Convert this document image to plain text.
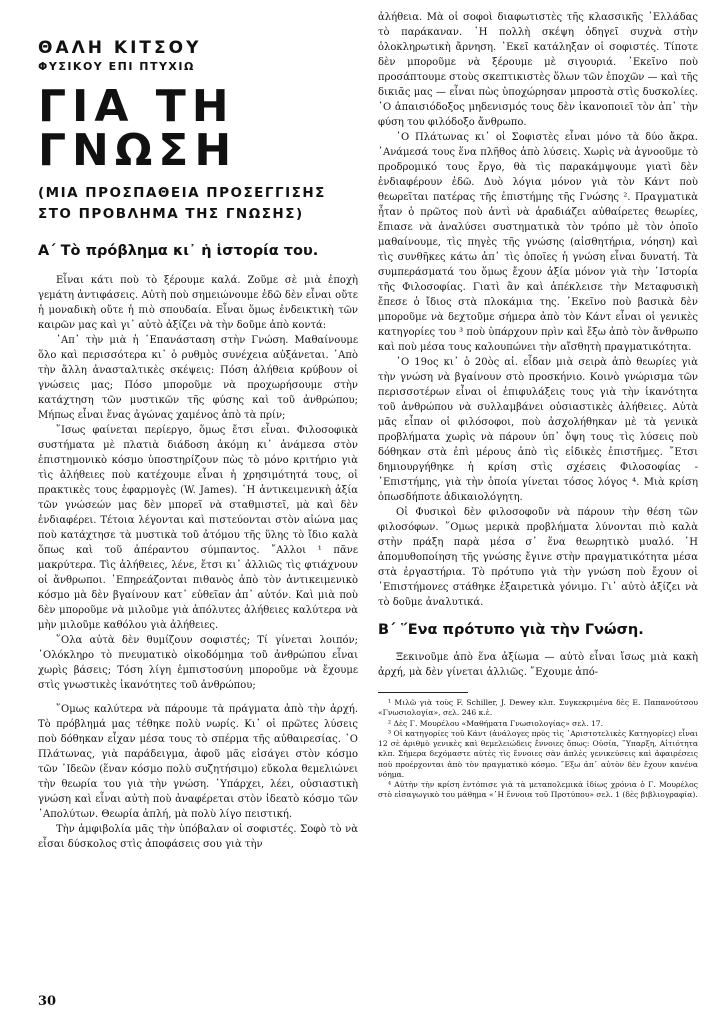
ΘΑΛΗ ΚΙΤΣΟΥ
ΦΥΣΙΚΟΥ ΕΠΙ ΠΤΥΧΙΩ
ΓΙΑ ΤΗ ΓΝΩΣΗ
(ΜΙΑ ΠΡΟΣΠΑΘΕΙΑ ΠΡΟΣΕΓΓΙΣΗΣ
ΣΤΟ ΠΡΟΒΛΗΜΑ ΤΗΣ ΓΝΩΣΗΣ)
Α΄ Τὸ πρόβλημα κι᾿ ἡ ἱστορία του.

Εἶναι κάτι ποὺ τὸ ξέρουμε καλά. Ζοῦμε σὲ μιὰ ἐποχὴ γεμάτη ἀντιφάσεις. Αὐτὴ ποὺ σημειώνουμε ἐδῶ δὲν εἶναι οὔτε ἡ μοναδικὴ οὔτε ἡ πιὸ σπουδαία. Εἶναι ὅμως ἐνδεικτικὴ τῶν καιρῶν μας καὶ γι᾿ αὐτὸ ἀξίζει νὰ τὴν δοῦμε ἀπὸ κοντά:

᾿Απ᾿ τὴν μιὰ ἡ ᾿Επανάσταση στὴν Γνώση. Μαθαίνουμε ὅλο καὶ περισσότερα κι᾿ ὁ ρυθμὸς συνέχεια αὐξάνεται. ᾿Απὸ τὴν ἄλλη ἀνασταλτικὲς σκέψεις: Πόση ἀλήθεια κρύβουν οἱ γνώσεις μας; Πόσο μποροῦμε νὰ προχωρήσουμε στὴν κατάχτηση τῶν μυστικῶν τῆς φύσης καὶ τοῦ ἀνθρώπου; Μήπως εἶναι ἕνας ἀγώνας χαμένος ἀπὸ τὰ πρίν;

῞Ισως φαίνεται περίεργο, ὅμως ἔτσι εἶναι. Φιλοσοφικὰ συστήματα μὲ πλατιὰ διάδοση ἀκόμη κι᾿ ἀνάμεσα στὸν ἐπιστημονικὸ κόσμο ὑποστηρίζουν πὼς τὸ μόνο κριτήριο γιὰ τὶς ἀλήθειες ποὺ κατέχουμε εἶναι ἡ χρησιμότητά τους, οἱ πρακτικὲς τους ἐφαρμογὲς (W. James). ῾Η ἀντικειμενικὴ ἀξία τῶν γνώσεών μας δὲν μπορεῖ νὰ σταθμιστεῖ, μὰ καὶ δὲν ἐνδιαφέρει. Τέτοια λέγονται καὶ πιστεύονται στὸν αἰώνα μας ποὺ κατάχτησε τὰ μυστικὰ τοῦ ἀτόμου τῆς ὕλης τὸ ἴδιο καλὰ ὅπως καὶ τοῦ ἀπέραντου σύμπαντος. ῎Αλλοι ¹ πᾶνε μακρύτερα. Τὶς ἀλήθειες, λένε, ἔτσι κι᾿ ἀλλιῶς τὶς φτιάχνουν οἱ ἄνθρωποι. ᾿Επηρεάζονται πιθανὸς ἀπὸ τὸν ἀντικειμενικὸ κόσμο μὰ δὲν βγαίνουν κατ᾿ εὐθεῖαν ἀπ᾿ αὐτόν. Καὶ μιὰ ποὺ δὲν μποροῦμε νὰ μιλοῦμε γιὰ ἀπόλυτες ἀλήθειες καλύτερα νὰ μὴν μιλοῦμε καθόλου γιὰ ἀλήθειες.

῞Ολα αὐτὰ δὲν θυμίζουν σοφιστές; Τί γίνεται λοιπόν; ᾿Ολόκληρο τὸ πνευματικὸ οἰκοδόμημα τοῦ ἀνθρώπου εἶναι χωρὶς βάσεις; Τόση λίγη ἐμπιστοσύνη μποροῦμε νὰ ἔχουμε στὶς γνωστικὲς ἱκανότητες τοῦ ἀνθρώπου;

῞Ομως καλύτερα νὰ πάρουμε τὰ πράγματα ἀπὸ τὴν ἀρχή. Τὸ πρόβλημά μας τέθηκε πολὺ νωρίς. Κι᾿ οἱ πρῶτες λύσεις ποὺ δόθηκαν εἶχαν μέσα τους τὸ σπέρμα τῆς αὐθαιρεσίας. ῾Ο Πλάτωνας, γιὰ παράδειγμα, ἀφοῦ μᾶς εἰσάγει στὸν κόσμο τῶν ᾿Ιδεῶν (ἕναν κόσμο πολὺ συζητήσιμο) εὔκολα θεμελιώνει τὴν θεωρία του γιὰ τὴν γνώση. ῾Υπάρχει, λέει, οὐσιαστικὴ γνώση καὶ εἶναι αὐτὴ ποὺ ἀναφέρεται στὸν ἰδεατὸ κόσμο τῶν ᾿Απολύτων. Θεωρία ἁπλή, μὰ πολὺ λίγο πειστική.

Τὴν ἀμφιβολία μᾶς τὴν ὑπόβαλαν οἱ σοφιστές. Σοφὸ τὸ νὰ εἶσαι δύσκολος στὶς ἀποφάσεις σου γιὰ τὴν

ἀλήθεια. Μὰ οἱ σοφοὶ διαφωτιστὲς τῆς κλασσικῆς ῾Ελλάδας τὸ παράκαναν. ῾Η πολλὴ σκέψη ὁδηγεῖ συχνὰ στὴν ὁλοκληρωτικὴ ἄρνηση. ᾿Εκεῖ κατάληξαν οἱ σοφιστές. Τίποτε δὲν μποροῦμε νὰ ξέρουμε μὲ σιγουριά. ᾿Εκεῖνο ποὺ προσάπτουμε στοὺς σκεπτικιστὲς ὅλων τῶν ἐποχῶν — καὶ τῆς δικιᾶς μας — εἶναι πὼς ὑποχώρησαν μπροστὰ στὶς δυσκολίες. ῾Ο ἀπαισιόδοξος μηδενισμός τους δὲν ἱκανοποιεῖ τὸν ἀπ᾿ τὴν φύση του φιλόδοξο ἄνθρωπο.

῾Ο Πλάτωνας κι᾿ οἱ Σοφιστὲς εἶναι μόνο τὰ δύο ἄκρα. ᾿Ανάμεσά τους ἕνα πλῆθος ἀπὸ λύσεις. Χωρὶς νὰ ἀγνοοῦμε τὸ προδρομικό τους ἔργο, θὰ τὶς παρακάμψουμε γιατὶ δὲν ἐνδιαφέρουν ἐδῶ. Δυὸ λόγια μόνον γιὰ τὸν Κάντ ποὺ θεωρεῖται πατέρας τῆς ἐπιστήμης τῆς Γνώσης ². Πραγματικὰ ἦταν ὁ πρῶτος ποὺ ἀντὶ νὰ ἀραδιάζει αὐθαίρετες θεωρίες, ἔπιασε νὰ ἀναλύσει συστηματικὰ τὸν τρόπο μὲ τὸν ὁποῖο μαθαίνουμε, τὶς πηγὲς τῆς γνώσης (αἰσθητήρια, νόηση) καὶ τὶς συνθῆκες κάτω ἀπ᾿ τὶς ὁποῖες ἡ γνώση εἶναι δυνατή. Τὰ συμπεράσματά του ὅμως ἔχουν ἀξία μόνον γιὰ τὴν ᾿Ιστορία τῆς Φιλοσοφίας. Γιατὶ ἂν καὶ ἀπέκλεισε τὴν Μεταφυσικὴ ἔπεσε ὁ ἴδιος στὰ πλοκάμια της. ᾿Εκεῖνο ποὺ βασικὰ δὲν μποροῦμε νὰ δεχτοῦμε σήμερα ἀπὸ τὸν Κάντ εἶναι οἱ γενικὲς κατηγορίες του ³ ποὺ ὑπάρχουν πρὶν καὶ ἔξω ἀπὸ τὸν ἄνθρωπο καὶ ποὺ μέσα τους καλουπώνει τὴν αἴσθητὴ πραγματικότητα.

῾Ο 19ος κι᾿ ὁ 20ὸς αἰ. εἶδαν μιὰ σειρὰ ἀπὸ θεωρίες γιὰ τὴν γνώση νὰ βγαίνουν στὸ προσκήνιο. Κοινὸ γνώρισμα τῶν περισσοτέρων εἶναι οἱ ἐπιφυλάξεις τους γιὰ τὴν ἱκανότητα τοῦ ἀνθρώπου νὰ συλλαμβάνει οὐσιαστικὲς ἀλήθειες. Αὐτὰ μᾶς εἶπαν οἱ φιλόσοφοι, ποὺ ἀσχολήθηκαν μὲ τὰ γενικὰ προβλήματα χωρὶς νὰ πάρουν ὑπ᾿ ὄψη τους τὶς λύσεις ποὺ δόθηκαν στὰ ἐπὶ μέρους ἀπὸ τὶς εἰδικὲς ἐπιστῆμες. ῎Ετσι δημιουργήθηκε ἡ κρίση στὶς σχέσεις Φιλοσοφίας - ᾿Επιστήμης, γιὰ τὴν ὁποία γίνεται τόσος λόγος ⁴. Μιὰ κρίση ὁπωσδήποτε ἀδικαιολόγητη.

Οἱ Φυσικοὶ δὲν φιλοσοφοῦν νὰ πάρουν τὴν θέση τῶν φιλοσόφων. ῞Ομως μερικὰ προβλήματα λύνονται πιὸ καλὰ στὴν πράξη παρὰ μέσα σ᾿ ἕνα θεωρητικὸ μυαλό. ῾Η ἀπομυθοποίηση τῆς γνώσης ἔγινε στὴν πραγματικότητα μέσα στὰ ἐργαστήρια. Τὸ πρότυπο γιὰ τὴν γνώση ποὺ ἔχουν οἱ ᾿Επιστήμονες στάθηκε ἐξαιρετικὰ γόνιμο. Γι᾿ αὐτὸ ἀξίζει νὰ τὸ δοῦμε ἀναλυτικά.

Β΄ ῞Ενα πρότυπο γιὰ τὴν Γνώση.

Ξεκινοῦμε ἀπὸ ἕνα ἀξίωμα — αὐτὸ εἶναι ἴσως μιὰ κακὴ ἀρχή, μὰ δὲν γίνεται ἀλλιῶς. ῎Εχουμε ἀπό-

¹ Μιλῶ γιὰ τοὺς F. Schiller, J. Dewey κλπ. Συγκεκριμένα δὲς Ε. Παπανούτσου «Γνωσιολογία», σελ. 246 κ.ἑ.

² Δὲς Γ. Μουρέλου «Μαθήματα Γνωσιολογίας» σελ. 17.

³ Οἱ κατηγορίες τοῦ Κάντ (ἀνάλογες πρὸς τὶς ᾿Αριστοτελικὲς Κατηγορίες) εἶναι 12 σὲ ἀριθμὸ γενικὲς καὶ θεμελειώδεις ἔννοιες ὅπως: Οὐσία, ῞Υπαρξη, Αἰτιότητα κλπ. Σήμερα δεχόμαστε αὐτὲς τὶς ἔννοιες σὰν ἁπλὲς γενικεύσεις καὶ ἀφαιρέσεις ποὺ προέρχονται ἀπὸ τὸν πραγματικὸ κόσμο. ῎Εξω ἀπ᾿ αὐτὸν δὲν ἔχουν κανένα νόημα.

⁴ Αὐτὴν τὴν κρίση ἐντόπισε γιὰ τὰ μεταπολεμικὰ ἰδίως χρόνια ὁ Γ. Μουρέλος στὸ εἰσαγωγικὸ του μάθημα «῾Η ἔννοια τοῦ Προτύπου» σελ. 1 (δὲς βιβλιογραφία).

30
